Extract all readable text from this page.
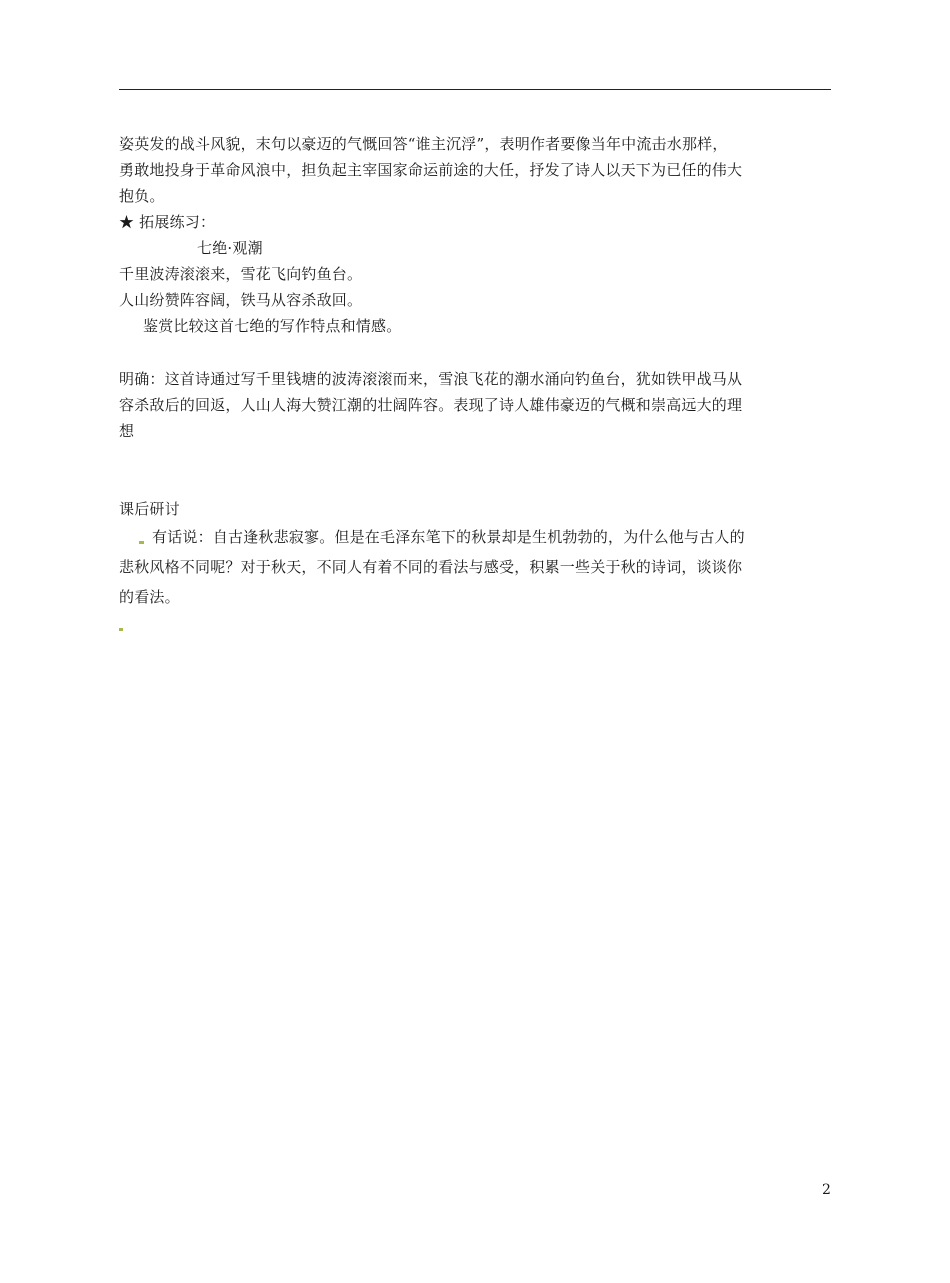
姿英发的战斗风貌，末句以豪迈的气慨回答“谁主沉浮”，表明作者要像当年中流击水那样，
勇敢地投身于革命风浪中，担负起主宰国家命运前途的大任，抒发了诗人以天下为已任的伟大
抱负。
★ 拓展练习：
七绝·观潮
千里波涛滚滚来，雪花飞向钓鱼台。
人山纷赞阵容阔，铁马从容杀敌回。
鉴赏比较这首七绝的写作特点和情感。
明确：这首诗通过写千里钱塘的波涛滚滚而来，雪浪飞花的潮水涌向钓鱼台，犹如铁甲战马从
容杀敌后的回返，人山人海大赞江潮的壮阔阵容。表现了诗人雄伟豪迈的气概和崇高远大的理
想
课后研讨
有话说：自古逢秋悲寂寥。但是在毛泽东笔下的秋景却是生机勃勃的，为什么他与古人的
悲秋风格不同呢？对于秋天，不同人有着不同的看法与感受，积累一些关于秋的诗词，谈谈你
的看法。
2
